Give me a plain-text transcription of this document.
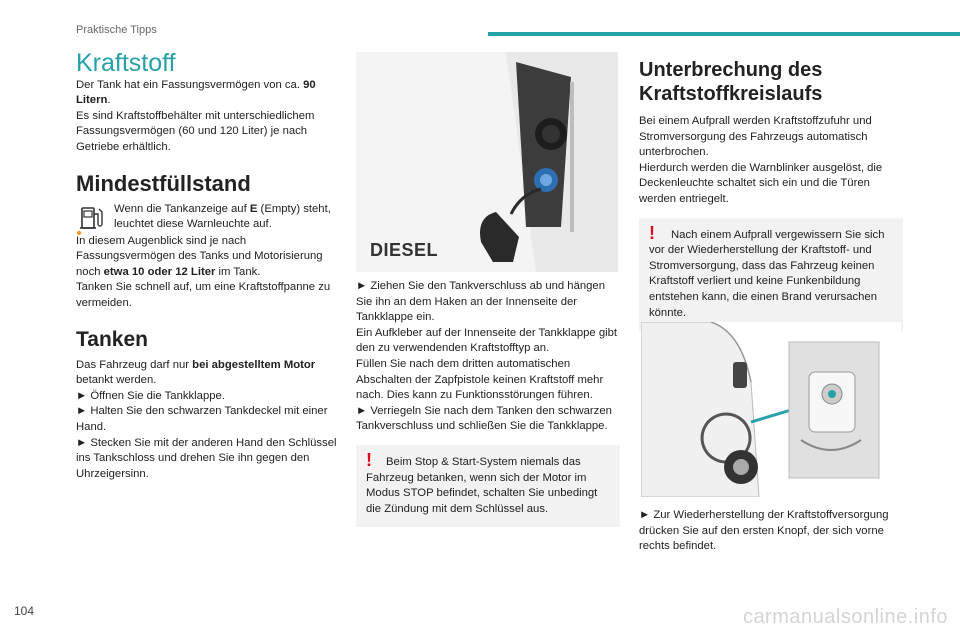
Praktische Tipps
Kraftstoff

Der Tank hat ein Fassungsvermögen von ca. 90 Litern.

Es sind Kraftstoffbehälter mit unterschiedlichem Fassungsvermögen (60 und 120 Liter) je nach Getriebe erhältlich.

Mindestfüllstand

Wenn die Tankanzeige auf E (Empty) steht, leuchtet diese Warnleuchte auf.

In diesem Augenblick sind je nach Fassungsvermögen des Tanks und Motorisierung noch etwa 10 oder 12 Liter im Tank.

Tanken Sie schnell auf, um eine Kraftstoffpanne zu vermeiden.

Tanken

Das Fahrzeug darf nur bei abgestelltem Motor betankt werden.

► Öffnen Sie die Tankklappe.

► Halten Sie den schwarzen Tankdeckel mit einer Hand.

► Stecken Sie mit der anderen Hand den Schlüssel ins Tankschloss und drehen Sie ihn gegen den Uhrzeigersinn.

DIESEL

► Ziehen Sie den Tankverschluss ab und hängen Sie ihn an dem Haken an der Innenseite der Tankklappe ein.

Ein Aufkleber auf der Innenseite der Tankklappe gibt den zu verwendenden Kraftstofftyp an.

Füllen Sie nach dem dritten automatischen Abschalten der Zapfpistole keinen Kraftstoff mehr nach. Dies kann zu Funktionsstörungen führen.

► Verriegeln Sie nach dem Tanken den schwarzen Tankverschluss und schließen Sie die Tankklappe.

!	Beim Stop & Start-System niemals das Fahrzeug betanken, wenn sich der Motor im Modus STOP befindet, schalten Sie unbedingt die Zündung mit dem Schlüssel aus.

Unterbrechung des Kraftstoffkreislaufs

Bei einem Aufprall werden Kraftstoffzufuhr und Stromversorgung des Fahrzeugs automatisch unterbrochen.

Hierdurch werden die Warnblinker ausgelöst, die Deckenleuchte schaltet sich ein und die Türen werden entriegelt.

!	Nach einem Aufprall vergewissern Sie sich vor der Wiederherstellung der Kraftstoff- und Stromversorgung, dass das Fahrzeug keinen Kraftstoff verliert und keine Funkenbildung entstehen kann, die einen Brand verursachen könnte.

► Zur Wiederherstellung der Kraftstoffversorgung drücken Sie auf den ersten Knopf, der sich vorne rechts befindet.

104	carmanualsonline.info
